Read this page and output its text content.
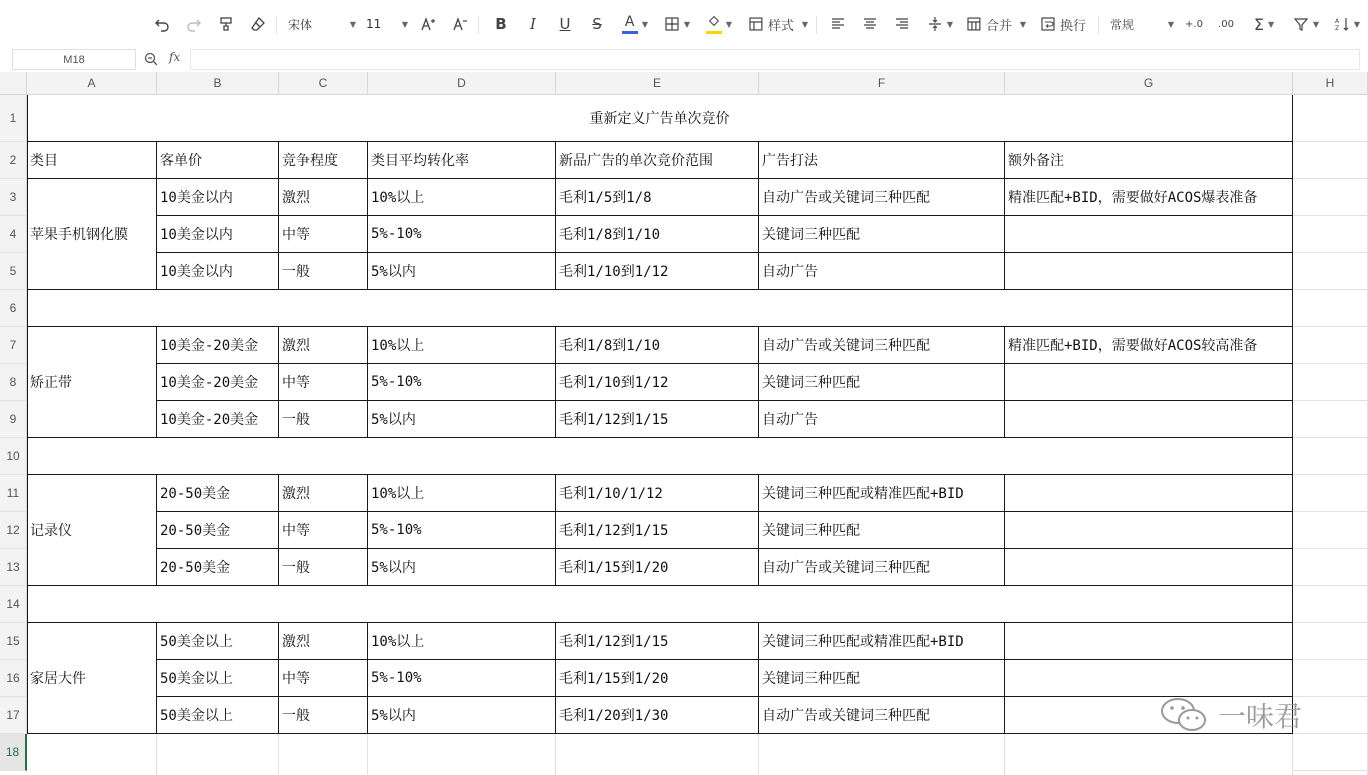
宋体	▼ 11	▼	B	I	U	S	A ▼	▼	▼	样式 ▼	▼	合并 ▼	换行 常规	▼ +.0 .00 Σ ▼	▼	A
Z ▼
M18	fx
A	B	C	D	E	F	G	H
1
2
3
4
5
6
7
8
9
10
11
12
13
14
15
16
17
18
重新定义广告单次竞价
类目	客单价	竞争程度	类目平均转化率	新品广告的单次竞价范围	广告打法	额外备注
苹果手机钢化膜
10美金以内	激烈	10%以上	毛利1/5到1/8	自动广告或关键词三种匹配	精准匹配+BID，需要做好ACOS爆表准备
10美金以内	中等	5%-10%	毛利1/8到1/10	关键词三种匹配
10美金以内	一般	5%以内	毛利1/10到1/12	自动广告
矫正带
10美金-20美金	激烈	10%以上	毛利1/8到1/10	自动广告或关键词三种匹配	精准匹配+BID，需要做好ACOS较高准备
10美金-20美金	中等	5%-10%	毛利1/10到1/12	关键词三种匹配
10美金-20美金	一般	5%以内	毛利1/12到1/15	自动广告
记录仪
20-50美金	激烈	10%以上	毛利1/10/1/12	关键词三种匹配或精准匹配+BID
20-50美金	中等	5%-10%	毛利1/12到1/15	关键词三种匹配
20-50美金	一般	5%以内	毛利1/15到1/20	自动广告或关键词三种匹配
家居大件
50美金以上	激烈	10%以上	毛利1/12到1/15	关键词三种匹配或精准匹配+BID
50美金以上	中等	5%-10%	毛利1/15到1/20	关键词三种匹配
50美金以上	一般	5%以内	毛利1/20到1/30	自动广告或关键词三种匹配	一味君
